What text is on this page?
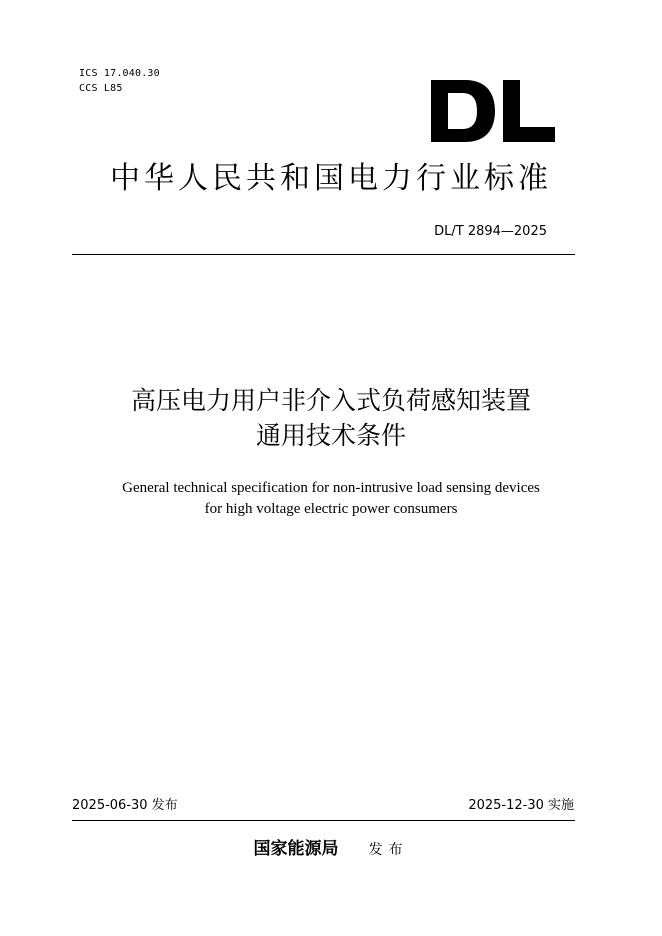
ICS 17.040.30
CCS L85
中华人民共和国电力行业标准
DL/T 2894—2025
高压电力用户非介入式负荷感知装置
通用技术条件
General technical specification for non-intrusive load sensing devices
for high voltage electric power consumers
2025-06-30 发布	2025-12-30 实施
国家能源局 发布
